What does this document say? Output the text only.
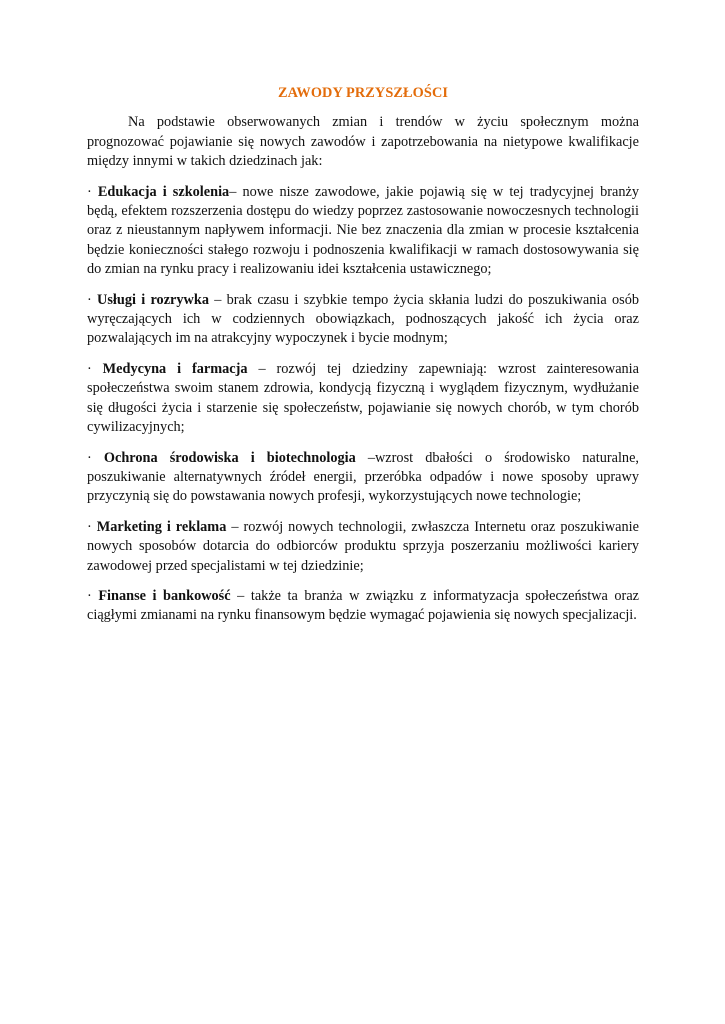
ZAWODY PRZYSZŁOŚCI

Na podstawie obserwowanych zmian i trendów w życiu społecznym można prognozować pojawianie się nowych zawodów i zapotrzebowania na nietypowe kwalifikacje między innymi w takich dziedzinach jak:

· Edukacja i szkolenia– nowe nisze zawodowe, jakie pojawią się w tej tradycyjnej branży będą, efektem rozszerzenia dostępu do wiedzy poprzez zastosowanie nowoczesnych technologii oraz z nieustannym napływem informacji. Nie bez znaczenia dla zmian w procesie kształcenia będzie konieczności stałego rozwoju i podnoszenia kwalifikacji w ramach dostosowywania się do zmian na rynku pracy i realizowaniu idei kształcenia ustawicznego;

· Usługi i rozrywka – brak czasu i szybkie tempo życia skłania ludzi do poszukiwania osób wyręczających ich w codziennych obowiązkach, podnoszących jakość ich życia oraz pozwalających im na atrakcyjny wypoczynek i bycie modnym;

· Medycyna i farmacja – rozwój tej dziedziny zapewniają: wzrost zainteresowania społeczeństwa swoim stanem zdrowia, kondycją fizyczną i wyglądem fizycznym, wydłużanie się długości życia i starzenie się społeczeństw, pojawianie się nowych chorób, w tym chorób cywilizacyjnych;

· Ochrona środowiska i biotechnologia –wzrost dbałości o środowisko naturalne, poszukiwanie alternatywnych źródeł energii, przeróbka odpadów i nowe sposoby uprawy przyczynią się do powstawania nowych profesji, wykorzystujących nowe technologie;

· Marketing i reklama – rozwój nowych technologii, zwłaszcza Internetu oraz poszukiwanie nowych sposobów dotarcia do odbiorców produktu sprzyja poszerzaniu możliwości kariery zawodowej przed specjalistami w tej dziedzinie;

· Finanse i bankowość – także ta branża w związku z informatyzacja społeczeństwa oraz ciągłymi zmianami na rynku finansowym będzie wymagać pojawienia się nowych specjalizacji.
